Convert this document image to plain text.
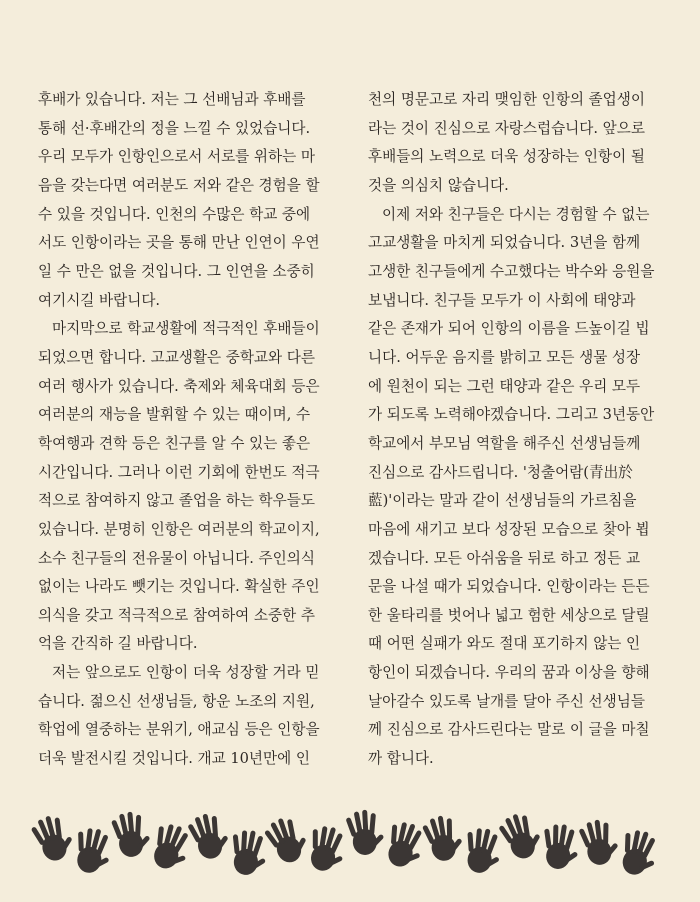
후배가 있습니다. 저는 그 선배님과 후배를
통해 선·후배간의 정을 느낄 수 있었습니다.
우리 모두가 인항인으로서 서로를 위하는 마
음을 갖는다면 여러분도 저와 같은 경험을 할
수 있을 것입니다. 인천의 수많은 학교 중에
서도 인항이라는 곳을 통해 만난 인연이 우연
일 수 만은 없을 것입니다. 그 인연을 소중히
여기시길 바랍니다.
마지막으로 학교생활에 적극적인 후배들이
되었으면 합니다. 고교생활은 중학교와 다른
여러 행사가 있습니다. 축제와 체육대회 등은
여러분의 재능을 발휘할 수 있는 때이며, 수
학여행과 견학 등은 친구를 알 수 있는 좋은
시간입니다. 그러나 이런 기회에 한번도 적극
적으로 참여하지 않고 졸업을 하는 학우들도
있습니다. 분명히 인항은 여러분의 학교이지,
소수 친구들의 전유물이 아닙니다. 주인의식
없이는 나라도 뺏기는 것입니다. 확실한 주인
의식을 갖고 적극적으로 참여하여 소중한 추
억을 간직하 길 바랍니다.
저는 앞으로도 인항이 더욱 성장할 거라 믿
습니다. 젊으신 선생님들, 항운 노조의 지원,
학업에 열중하는 분위기, 애교심 등은 인항을
더욱 발전시킬 것입니다. 개교 10년만에 인
천의 명문고로 자리 맺임한 인항의 졸업생이
라는 것이 진심으로 자랑스럽습니다. 앞으로
후배들의 노력으로 더욱 성장하는 인항이 될
것을 의심치 않습니다.
이제 저와 친구들은 다시는 경험할 수 없는
고교생활을 마치게 되었습니다. 3년을 함께
고생한 친구들에게 수고했다는 박수와 응원을
보냅니다. 친구들 모두가 이 사회에 태양과
같은 존재가 되어 인항의 이름을 드높이길 빕
니다. 어두운 음지를 밝히고 모든 생물 성장
에 원천이 되는 그런 태양과 같은 우리 모두
가 되도록 노력해야겠습니다. 그리고 3년동안
학교에서 부모님 역할을 해주신 선생님들께
진심으로 감사드립니다. '청출어람(青出於
藍)'이라는 말과 같이 선생님들의 가르침을
마음에 새기고 보다 성장된 모습으로 찾아 뵙
겠습니다. 모든 아쉬움을 뒤로 하고 정든 교
문을 나설 때가 되었습니다. 인항이라는 든든
한 울타리를 벗어나 넓고 험한 세상으로 달릴
때 어떤 실패가 와도 절대 포기하지 않는 인
항인이 되겠습니다. 우리의 꿈과 이상을 향해
날아갈수 있도록 날개를 달아 주신 선생님들
께 진심으로 감사드린다는 말로 이 글을 마칠
까 합니다.
